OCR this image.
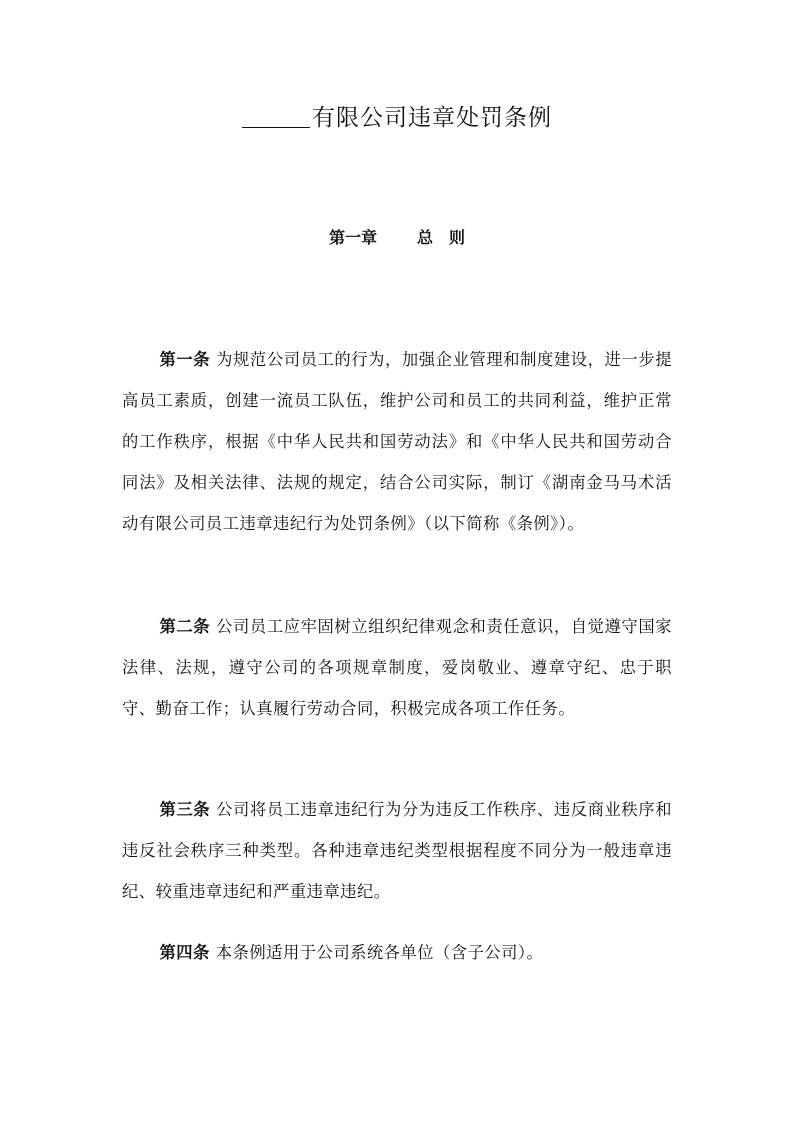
有限公司违章处罚条例
第一章	总　则

第一条 为规范公司员工的行为，加强企业管理和制度建设，进一步提高员工素质，创建一流员工队伍，维护公司和员工的共同利益，维护正常的工作秩序，根据《中华人民共和国劳动法》和《中华人民共和国劳动合同法》及相关法律、法规的规定，结合公司实际，制订《湖南金马马术活动有限公司员工违章违纪行为处罚条例》（以下简称《条例》）。

第二条 公司员工应牢固树立组织纪律观念和责任意识，自觉遵守国家法律、法规，遵守公司的各项规章制度，爱岗敬业、遵章守纪、忠于职守、勤奋工作；认真履行劳动合同，积极完成各项工作任务。

第三条 公司将员工违章违纪行为分为违反工作秩序、违反商业秩序和违反社会秩序三种类型。各种违章违纪类型根据程度不同分为一般违章违纪、较重违章违纪和严重违章违纪。

第四条 本条例适用于公司系统各单位（含子公司）。
